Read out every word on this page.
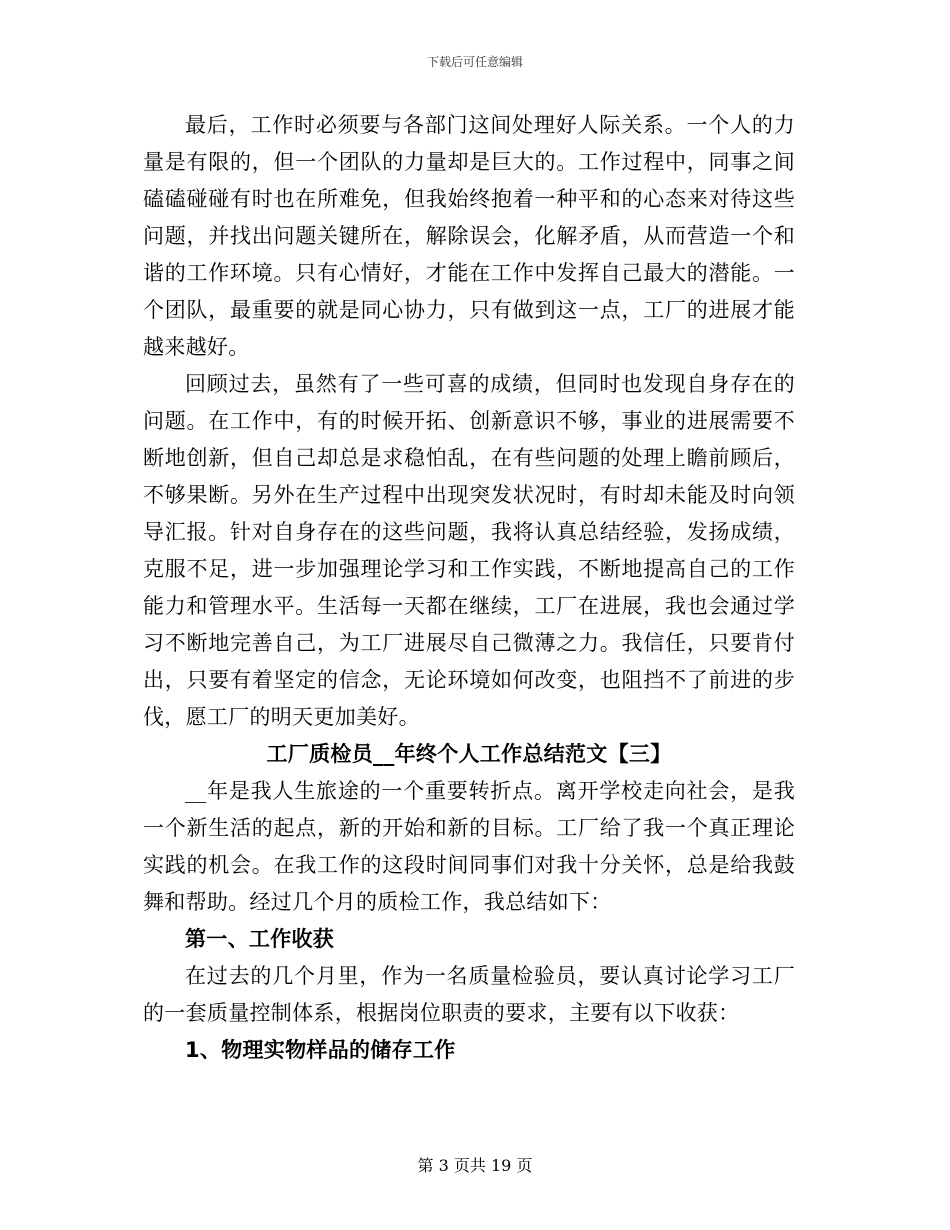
下载后可任意编辑

最后，工作时必须要与各部门这间处理好人际关系。一个人的力量是有限的，但一个团队的力量却是巨大的。工作过程中，同事之间磕磕碰碰有时也在所难免，但我始终抱着一种平和的心态来对待这些问题，并找出问题关键所在，解除误会，化解矛盾，从而营造一个和谐的工作环境。只有心情好，才能在工作中发挥自己最大的潜能。一个团队，最重要的就是同心协力，只有做到这一点，工厂的进展才能越来越好。

回顾过去，虽然有了一些可喜的成绩，但同时也发现自身存在的问题。在工作中，有的时候开拓、创新意识不够，事业的进展需要不断地创新，但自己却总是求稳怕乱，在有些问题的处理上瞻前顾后，不够果断。另外在生产过程中出现突发状况时，有时却未能及时向领导汇报。针对自身存在的这些问题，我将认真总结经验，发扬成绩，克服不足，进一步加强理论学习和工作实践，不断地提高自己的工作能力和管理水平。生活每一天都在继续，工厂在进展，我也会通过学习不断地完善自己，为工厂进展尽自己微薄之力。我信任，只要肯付出，只要有着坚定的信念，无论环境如何改变，也阻挡不了前进的步伐，愿工厂的明天更加美好。

工厂质检员__年终个人工作总结范文【三】

__年是我人生旅途的一个重要转折点。离开学校走向社会，是我一个新生活的起点，新的开始和新的目标。工厂给了我一个真正理论实践的机会。在我工作的这段时间同事们对我十分关怀，总是给我鼓舞和帮助。经过几个月的质检工作，我总结如下：

第一、工作收获

在过去的几个月里，作为一名质量检验员，要认真讨论学习工厂的一套质量控制体系，根据岗位职责的要求，主要有以下收获：

1、物理实物样品的储存工作

第 3 页共 19 页
